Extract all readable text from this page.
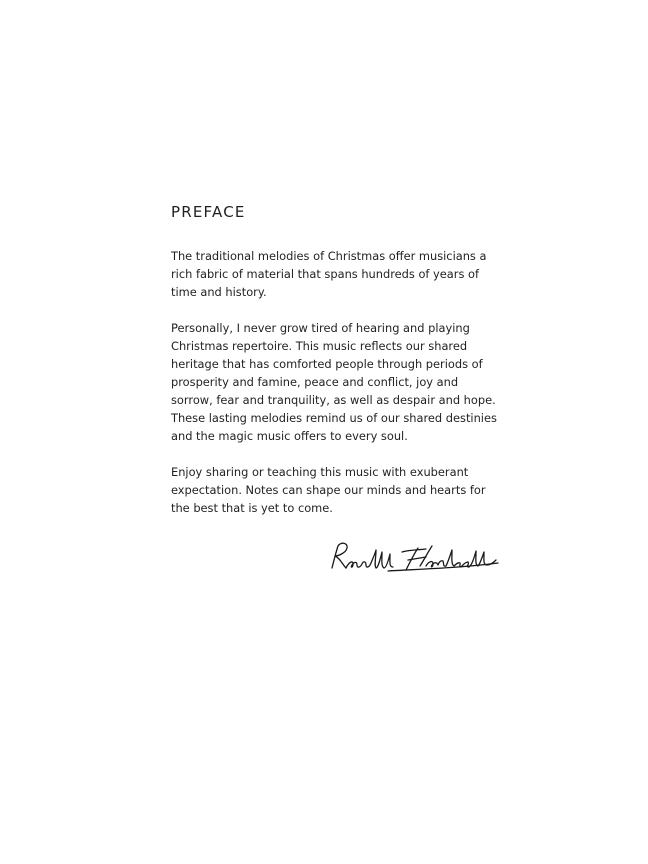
PREFACE

The traditional melodies of Christmas offer musicians a rich fabric of material that spans hundreds of years of time and history.

Personally, I never grow tired of hearing and playing Christmas repertoire. This music reflects our shared heritage that has comforted people through periods of prosperity and famine, peace and conflict, joy and sorrow, fear and tranquility, as well as despair and hope. These lasting melodies remind us of our shared destinies and the magic music offers to every soul.

Enjoy sharing or teaching this music with exuberant expectation. Notes can shape our minds and hearts for the best that is yet to come.
